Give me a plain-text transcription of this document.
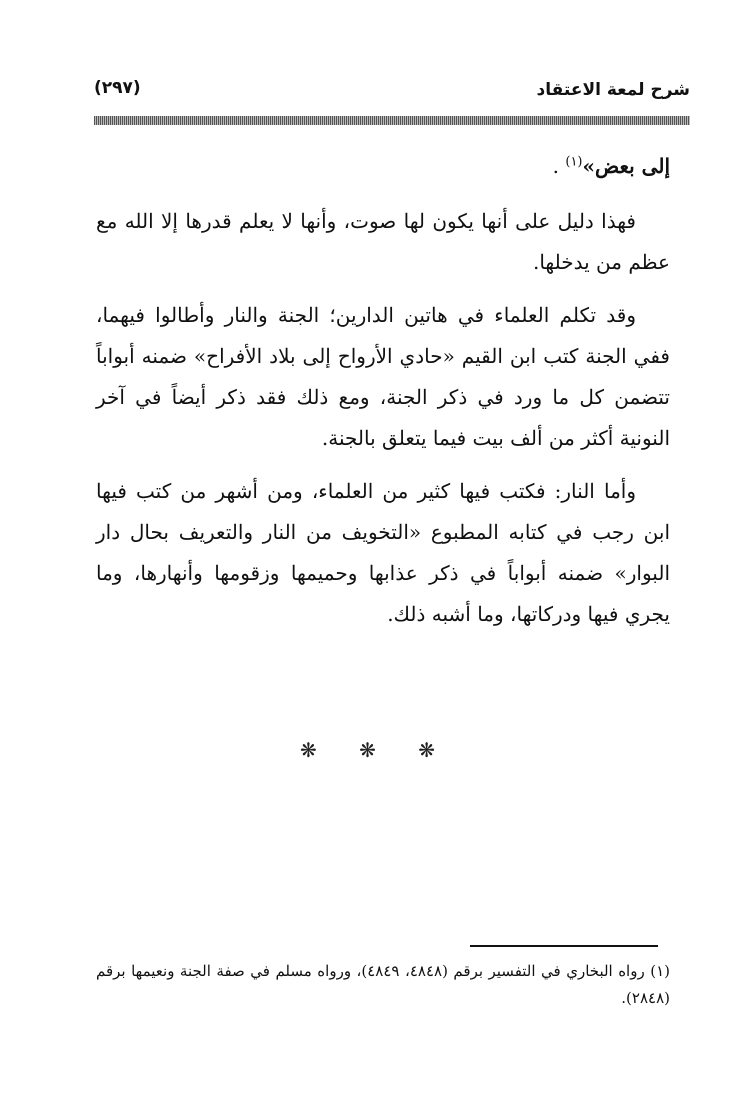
شرح لمعة الاعتقاد
(٢٩٧)

إلى بعض»$^{(١)}$ .

فهذا دليل على أنها يكون لها صوت، وأنها لا يعلم قدرها إلا الله مع عظم من يدخلها.

وقد تكلم العلماء في هاتين الدارين؛ الجنة والنار وأطالوا فيهما، ففي الجنة كتب ابن القيم «حادي الأرواح إلى بلاد الأفراح» ضمنه أبواباً تتضمن كل ما ورد في ذكر الجنة، ومع ذلك فقد ذكر أيضاً في آخر النونية أكثر من ألف بيت فيما يتعلق بالجنة.

وأما النار: فكتب فيها كثير من العلماء، ومن أشهر من كتب فيها ابن رجب في كتابه المطبوع «التخويف من النار والتعريف بحال دار البوار» ضمنه أبواباً في ذكر عذابها وحميمها وزقومها وأنهارها، وما يجري فيها ودركاتها، وما أشبه ذلك.

❋ ❋ ❋
(١) رواه البخاري في التفسير برقم (٤٨٤٨، ٤٨٤٩)، ورواه مسلم في صفة الجنة ونعيمها برقم (٢٨٤٨).
